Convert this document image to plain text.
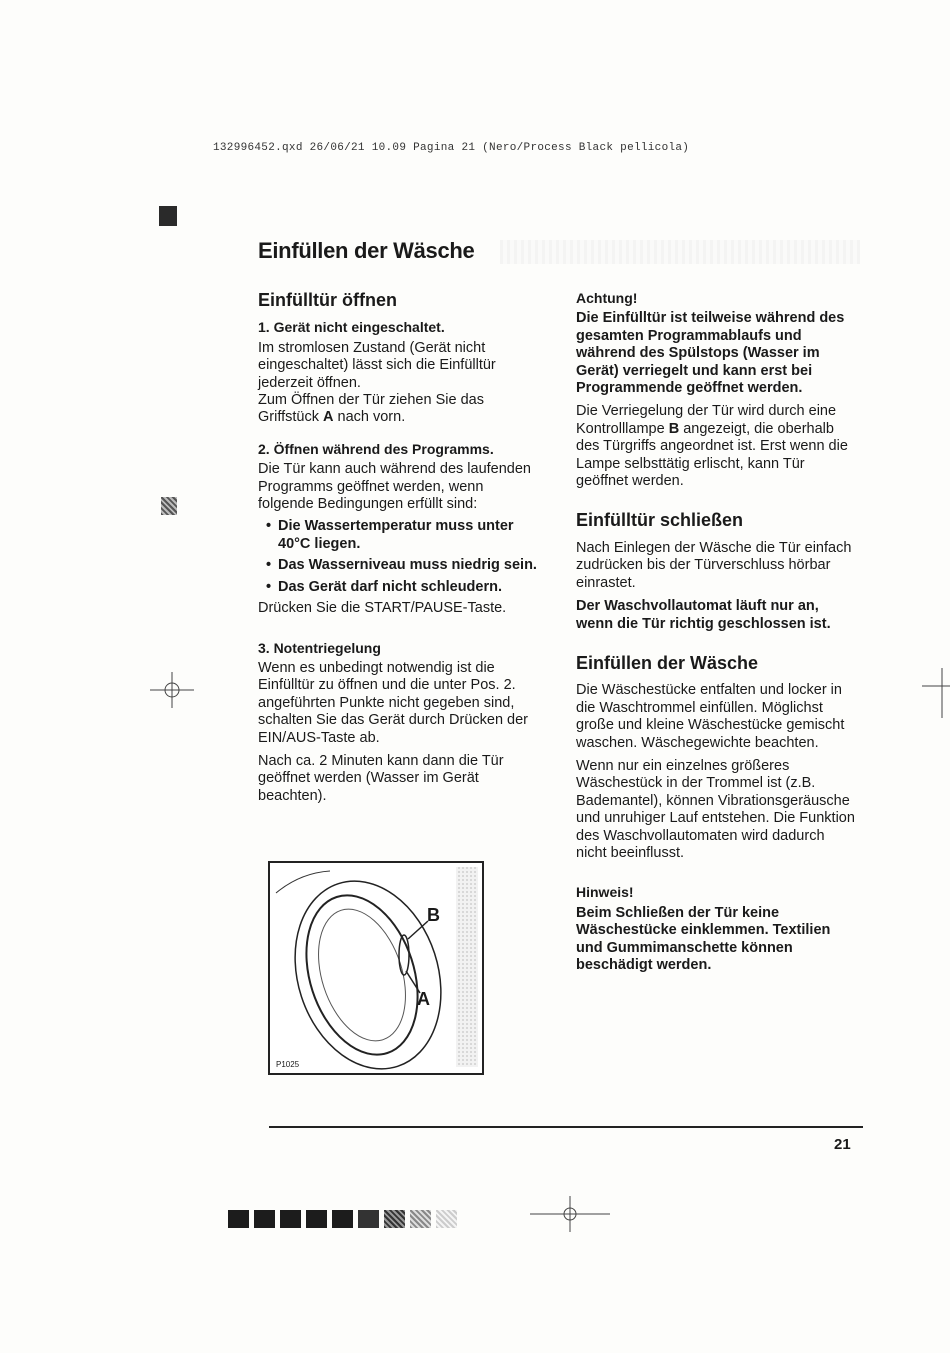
132996452.qxd 26/06/21 10.09 Pagina 21 (Nero/Process Black pellicola)
Einfüllen der Wäsche

Einfülltür öffnen

1. Gerät nicht eingeschaltet.

Im stromlosen Zustand (Gerät nicht eingeschaltet) lässt sich die Einfülltür jederzeit öffnen.

Zum Öffnen der Tür ziehen Sie das Griffstück A nach vorn.

2. Öffnen während des Programms.

Die Tür kann auch während des laufenden Programms geöffnet werden, wenn folgende Bedingungen erfüllt sind:

• Die Wassertemperatur muss unter 40°C liegen.
• Das Wasserniveau muss niedrig sein.
• Das Gerät darf nicht schleudern.

Drücken Sie die START/PAUSE-Taste.

3. Notentriegelung

Wenn es unbedingt notwendig ist die Einfülltür zu öffnen und die unter Pos. 2. angeführten Punkte nicht gegeben sind, schalten Sie das Gerät durch Drücken der EIN/AUS-Taste ab.

Nach ca. 2 Minuten kann dann die Tür geöffnet werden (Wasser im Gerät beachten).

B
A
P1025

Achtung!

Die Einfülltür ist teilweise während des gesamten Programmablaufs und während des Spülstops (Wasser im Gerät) verriegelt und kann erst bei Programmende geöffnet werden.

Die Verriegelung der Tür wird durch eine Kontrolllampe B angezeigt, die oberhalb des Türgriffs angeordnet ist. Erst wenn die Lampe selbsttätig erlischt, kann Tür geöffnet werden.

Einfülltür schließen

Nach Einlegen der Wäsche die Tür einfach zudrücken bis der Türverschluss hörbar einrastet.

Der Waschvollautomat läuft nur an, wenn die Tür richtig geschlossen ist.

Einfüllen der Wäsche

Die Wäschestücke entfalten und locker in die Waschtrommel einfüllen. Möglichst große und kleine Wäschestücke gemischt waschen. Wäschegewichte beachten.

Wenn nur ein einzelnes größeres Wäschestück in der Trommel ist (z.B. Bademantel), können Vibrationsgeräusche und unruhiger Lauf entstehen. Die Funktion des Waschvollautomaten wird dadurch nicht beeinflusst.

Hinweis!

Beim Schließen der Tür keine Wäschestücke einklemmen. Textilien und Gummimanschette können beschädigt werden.

21
